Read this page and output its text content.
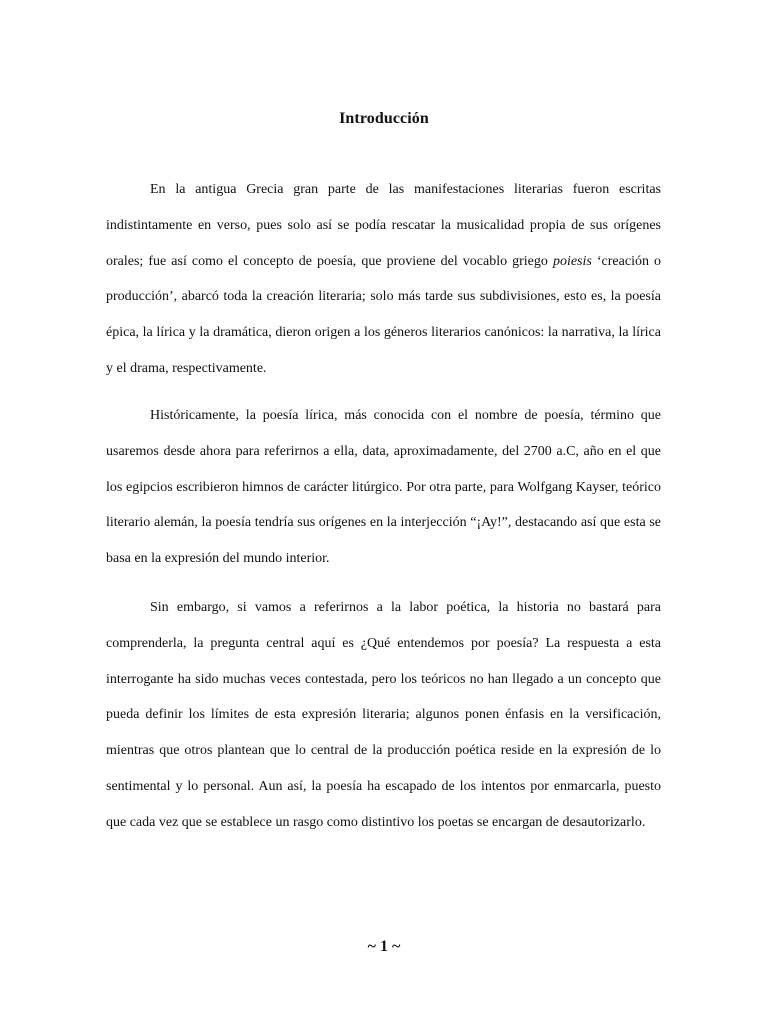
Introducción

En la antigua Grecia gran parte de las manifestaciones literarias fueron escritas indistintamente en verso, pues solo así se podía rescatar la musicalidad propia de sus orígenes orales; fue así como el concepto de poesía, que proviene del vocablo griego poiesis ‘creación o producción’, abarcó toda la creación literaria; solo más tarde sus subdivisiones, esto es, la poesía épica, la lírica y la dramática, dieron origen a los géneros literarios canónicos: la narrativa, la lírica y el drama, respectivamente.

Históricamente, la poesía lírica, más conocida con el nombre de poesía, término que usaremos desde ahora para referirnos a ella, data, aproximadamente, del 2700 a.C, año en el que los egipcios escribieron himnos de carácter litúrgico. Por otra parte, para Wolfgang Kayser, teórico literario alemán, la poesía tendría sus orígenes en la interjección “¡Ay!”, destacando así que esta se basa en la expresión del mundo interior.

Sin embargo, si vamos a referirnos a la labor poética, la historia no bastará para comprenderla, la pregunta central aquí es ¿Qué entendemos por poesía? La respuesta a esta interrogante ha sido muchas veces contestada, pero los teóricos no han llegado a un concepto que pueda definir los límites de esta expresión literaria; algunos ponen énfasis en la versificación, mientras que otros plantean que lo central de la producción poética reside en la expresión de lo sentimental y lo personal. Aun así, la poesía ha escapado de los intentos por enmarcarla, puesto que cada vez que se establece un rasgo como distintivo los poetas se encargan de desautorizarlo.

~ 1 ~
